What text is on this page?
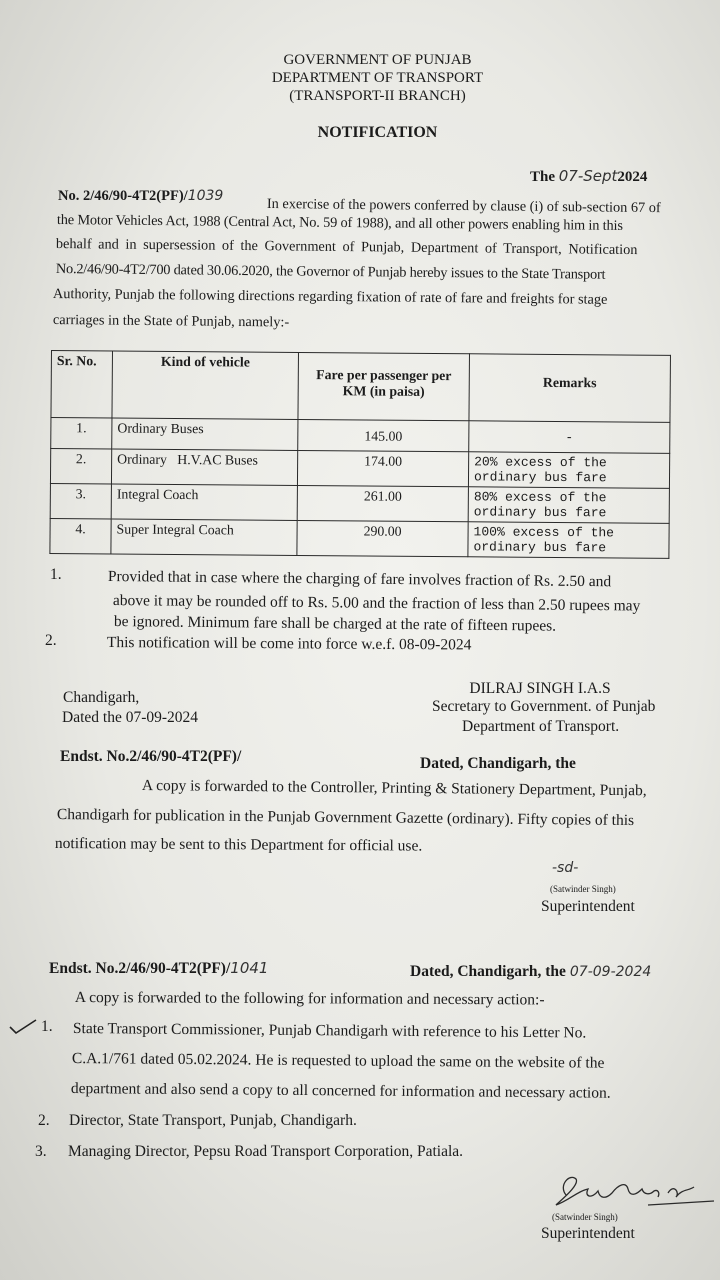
GOVERNMENT OF PUNJAB
DEPARTMENT OF TRANSPORT
(TRANSPORT-II BRANCH)
NOTIFICATION
The 07-Sept2024
No. 2/46/90-4T2(PF)/1039	In exercise of the powers conferred by clause (i) of sub-section 67 of
the Motor Vehicles Act, 1988 (Central Act, No. 59 of 1988), and all other powers enabling him in this
behalf and in supersession of the Government of Punjab, Department of Transport, Notification
No.2/46/90-4T2/700 dated 30.06.2020, the Governor of Punjab hereby issues to the State Transport
Authority, Punjab the following directions regarding fixation of rate of fare and freights for stage
carriages in the State of Punjab, namely:-
Sr. No.	Kind of vehicle	Fare per passenger per KM (in paisa)	Remarks
1.	Ordinary Buses	145.00	-
2.	Ordinary   H.V.AC Buses	174.00	20% excess of the ordinary bus fare
3.	Integral Coach	261.00	80% excess of the ordinary bus fare
4.	Super Integral Coach	290.00	100% excess of the ordinary bus fare
1.	Provided that in case where the charging of fare involves fraction of Rs. 2.50 and
above it may be rounded off to Rs. 5.00 and the fraction of less than 2.50 rupees may
be ignored. Minimum fare shall be charged at the rate of fifteen rupees.
2.	This notification will be come into force w.e.f. 08-09-2024
Chandigarh,
Dated the 07-09-2024
DILRAJ SINGH I.A.S
Secretary to Government. of Punjab
Department of Transport.
Endst. No.2/46/90-4T2(PF)/	Dated, Chandigarh, the
A copy is forwarded to the Controller, Printing & Stationery Department, Punjab,
Chandigarh for publication in the Punjab Government Gazette (ordinary). Fifty copies of this
notification may be sent to this Department for official use.
-sd-
(Satwinder Singh)
Superintendent
Endst. No.2/46/90-4T2(PF)/1041	Dated, Chandigarh, the 07-09-2024
A copy is forwarded to the following for information and necessary action:-
1. State Transport Commissioner, Punjab Chandigarh with reference to his Letter No.
C.A.1/761 dated 05.02.2024. He is requested to upload the same on the website of the
department and also send a copy to all concerned for information and necessary action.
2. Director, State Transport, Punjab, Chandigarh.
3. Managing Director, Pepsu Road Transport Corporation, Patiala.
(Satwinder Singh)
Superintendent
